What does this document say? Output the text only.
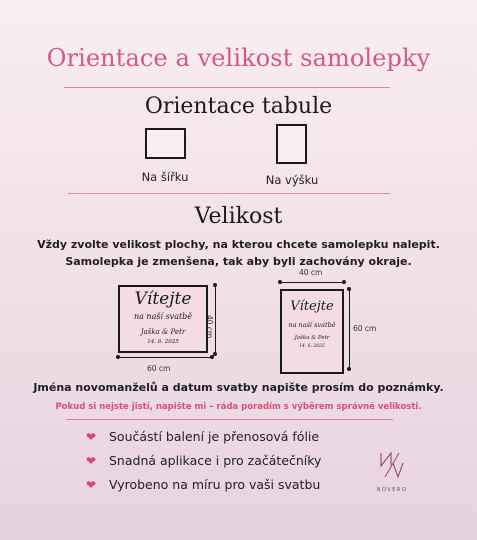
Orientace a velikost samolepky
Orientace tabule
Na šířku	Na výšku
Velikost
Vždy zvolte velikost plochy, na kterou chcete samolepku nalepit.
Samolepka je zmenšena, tak aby byli zachovány okraje.
Vítejte
na naší svatbě
Jaška & Petr
14. 6. 2025
60 cm
40 cm
Vítejte
na naší svatbě
Jaška & Petr
14. 6. 2025
40 cm
60 cm
Jména novomanželů a datum svatby napište prosím do poznámky.
Pokud si nejste jistí, napište mi – ráda poradím s výběrem správné velikosti.
❤	Součástí balení je přenosová fólie
❤	Snadná aplikace i pro začátečníky
❤	Vyrobeno na míru pro vaši svatbu	NOVERO
